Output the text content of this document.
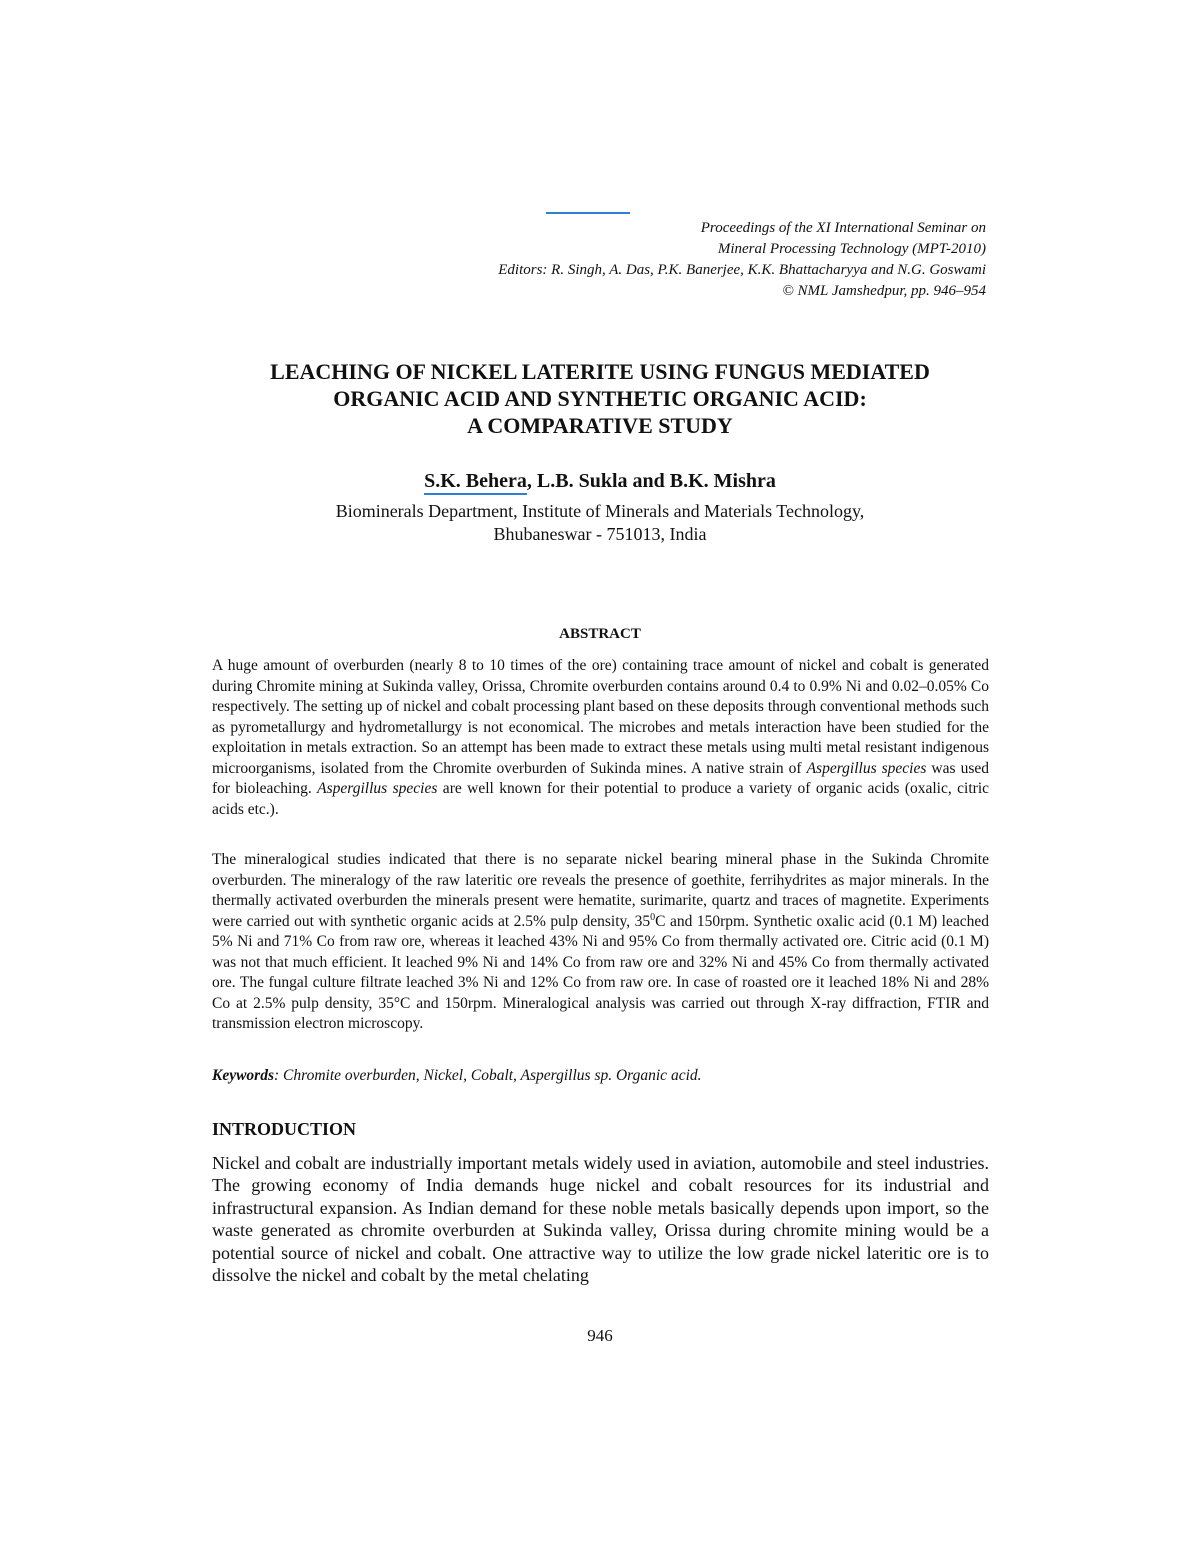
Proceedings of the XI International Seminar on
Mineral Processing Technology (MPT-2010)
Editors: R. Singh, A. Das, P.K. Banerjee, K.K. Bhattacharyya and N.G. Goswami
© NML Jamshedpur, pp. 946–954
LEACHING OF NICKEL LATERITE USING FUNGUS MEDIATED
ORGANIC ACID AND SYNTHETIC ORGANIC ACID:
A COMPARATIVE STUDY
S.K. Behera, L.B. Sukla and B.K. Mishra
Biominerals Department, Institute of Minerals and Materials Technology,
Bhubaneswar - 751013, India
ABSTRACT

A huge amount of overburden (nearly 8 to 10 times of the ore) containing trace amount of nickel and cobalt is generated during Chromite mining at Sukinda valley, Orissa, Chromite overburden contains around 0.4 to 0.9% Ni and 0.02–0.05% Co respectively. The setting up of nickel and cobalt processing plant based on these deposits through conventional methods such as pyrometallurgy and hydrometallurgy is not economical. The microbes and metals interaction have been studied for the exploitation in metals extraction. So an attempt has been made to extract these metals using multi metal resistant indigenous microorganisms, isolated from the Chromite overburden of Sukinda mines. A native strain of Aspergillus species was used for bioleaching. Aspergillus species are well known for their potential to produce a variety of organic acids (oxalic, citric acids etc.).

The mineralogical studies indicated that there is no separate nickel bearing mineral phase in the Sukinda Chromite overburden. The mineralogy of the raw lateritic ore reveals the presence of goethite, ferrihydrites as major minerals. In the thermally activated overburden the minerals present were hematite, surimarite, quartz and traces of magnetite. Experiments were carried out with synthetic organic acids at 2.5% pulp density, $35^0C$ and 150rpm. Synthetic oxalic acid (0.1 M) leached 5% Ni and 71% Co from raw ore, whereas it leached 43% Ni and 95% Co from thermally activated ore. Citric acid (0.1 M) was not that much efficient. It leached 9% Ni and 14% Co from raw ore and 32% Ni and 45% Co from thermally activated ore. The fungal culture filtrate leached 3% Ni and 12% Co from raw ore. In case of roasted ore it leached 18% Ni and 28% Co at 2.5% pulp density, 35°C and 150rpm. Mineralogical analysis was carried out through X-ray diffraction, FTIR and transmission electron microscopy.

Keywords: Chromite overburden, Nickel, Cobalt, Aspergillus sp. Organic acid.
INTRODUCTION

Nickel and cobalt are industrially important metals widely used in aviation, automobile and steel industries. The growing economy of India demands huge nickel and cobalt resources for its industrial and infrastructural expansion. As Indian demand for these noble metals basically depends upon import, so the waste generated as chromite overburden at Sukinda valley, Orissa during chromite mining would be a potential source of nickel and cobalt. One attractive way to utilize the low grade nickel lateritic ore is to dissolve the nickel and cobalt by the metal chelating

946
